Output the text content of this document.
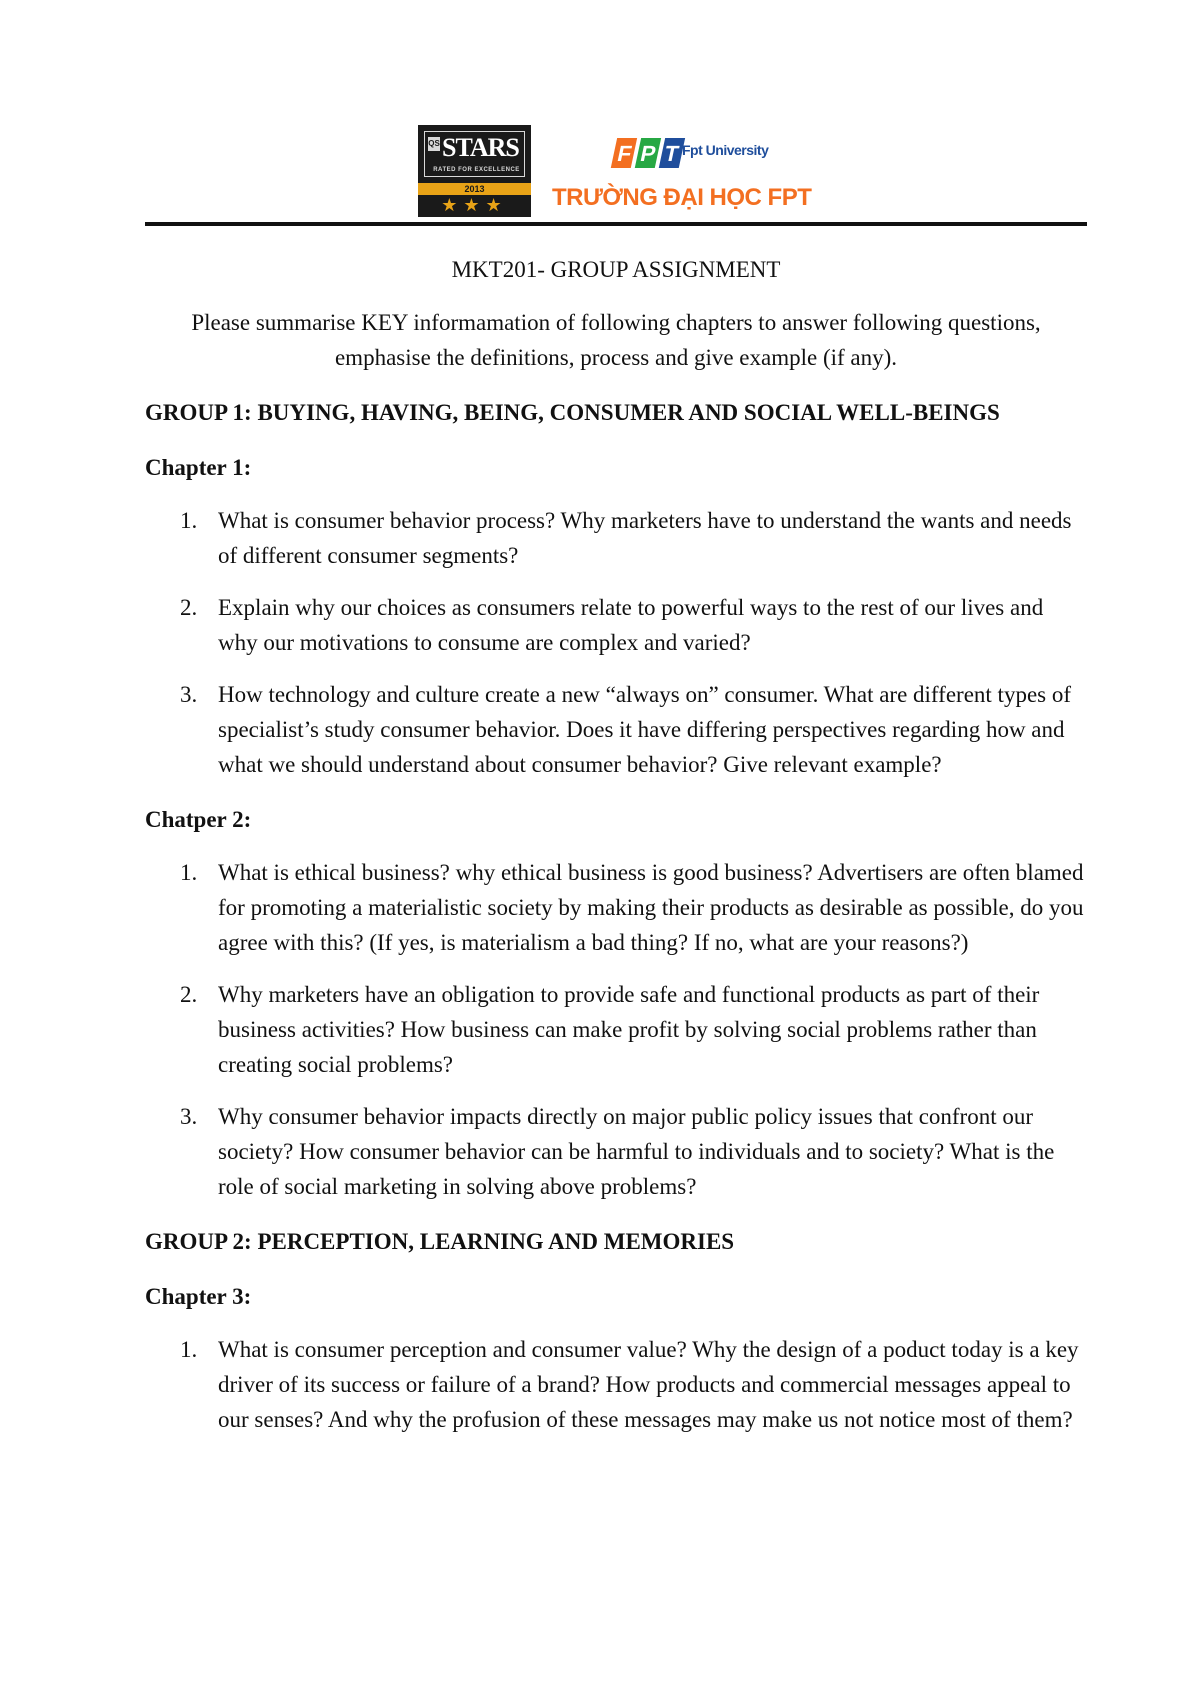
QS STARS
RATED FOR EXCELLENCE
2013
★★★
F P T Fpt University
TRƯỜNG ĐẠI HỌC FPT
MKT201- GROUP ASSIGNMENT
Please summarise KEY informamation of following chapters to answer following questions, emphasise the definitions, process and give example (if any).
GROUP 1: BUYING, HAVING, BEING, CONSUMER AND SOCIAL WELL-BEINGS
Chapter 1:
1. What is consumer behavior process? Why marketers have to understand the wants and needs of different consumer segments?
2. Explain why our choices as consumers relate to powerful ways to the rest of our lives and why our motivations to consume are complex and varied?
3. How technology and culture create a new “always on” consumer. What are different types of specialist’s study consumer behavior. Does it have differing perspectives regarding how and what we should understand about consumer behavior? Give relevant example?
Chatper 2:
1. What is ethical business? why ethical business is good business? Advertisers are often blamed for promoting a materialistic society by making their products as desirable as possible, do you agree with this? (If yes, is materialism a bad thing? If no, what are your reasons?)
2. Why marketers have an obligation to provide safe and functional products as part of their business activities? How business can make profit by solving social problems rather than creating social problems?
3. Why consumer behavior impacts directly on major public policy issues that confront our society? How consumer behavior can be harmful to individuals and to society? What is the role of social marketing in solving above problems?
GROUP 2: PERCEPTION, LEARNING AND MEMORIES
Chapter 3:
1. What is consumer perception and consumer value? Why the design of a poduct today is a key driver of its success or failure of a brand? How products and commercial messages appeal to our senses? And why the profusion of these messages may make us not notice most of them?
